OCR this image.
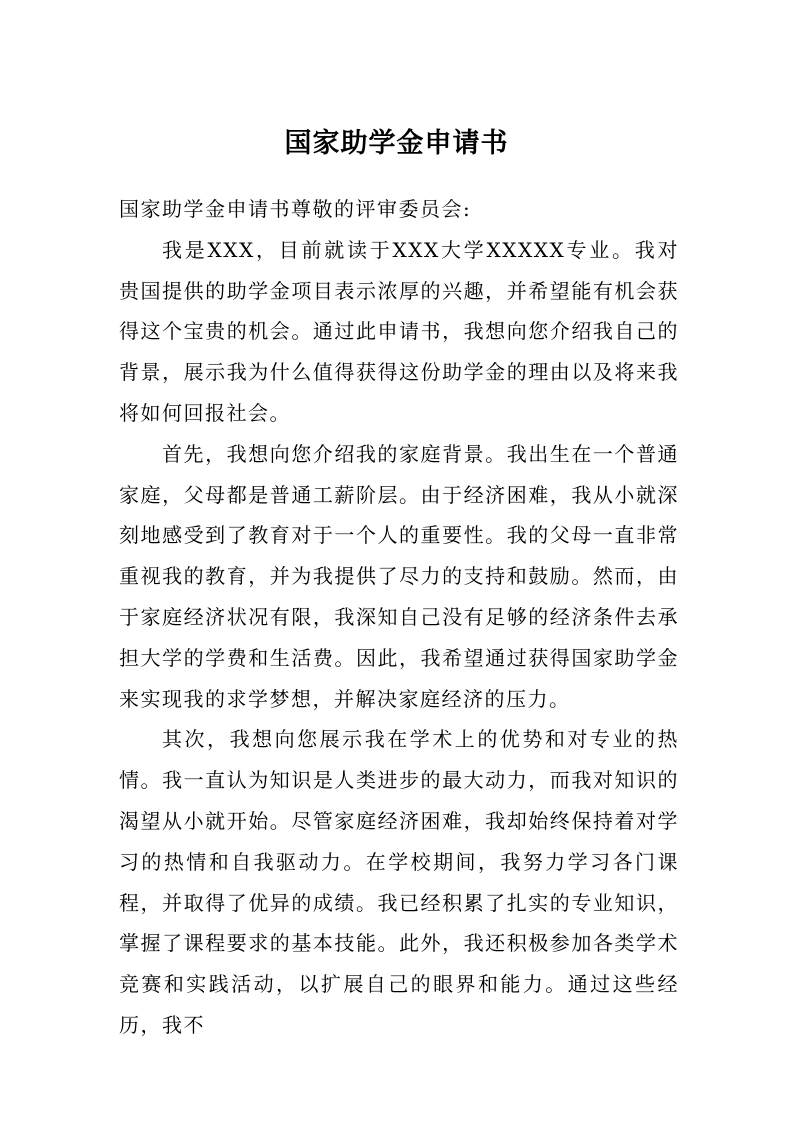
国家助学金申请书

国家助学金申请书尊敬的评审委员会:

我是XXX，目前就读于XXX大学XXXXX专业。我对贵国提供的助学金项目表示浓厚的兴趣，并希望能有机会获得这个宝贵的机会。通过此申请书，我想向您介绍我自己的背景，展示我为什么值得获得这份助学金的理由以及将来我将如何回报社会。

首先，我想向您介绍我的家庭背景。我出生在一个普通家庭，父母都是普通工薪阶层。由于经济困难，我从小就深刻地感受到了教育对于一个人的重要性。我的父母一直非常重视我的教育，并为我提供了尽力的支持和鼓励。然而，由于家庭经济状况有限，我深知自己没有足够的经济条件去承担大学的学费和生活费。因此，我希望通过获得国家助学金来实现我的求学梦想，并解决家庭经济的压力。

其次，我想向您展示我在学术上的优势和对专业的热情。我一直认为知识是人类进步的最大动力，而我对知识的渴望从小就开始。尽管家庭经济困难，我却始终保持着对学习的热情和自我驱动力。在学校期间，我努力学习各门课程，并取得了优异的成绩。我已经积累了扎实的专业知识，掌握了课程要求的基本技能。此外，我还积极参加各类学术竞赛和实践活动，以扩展自己的眼界和能力。通过这些经历，我不
